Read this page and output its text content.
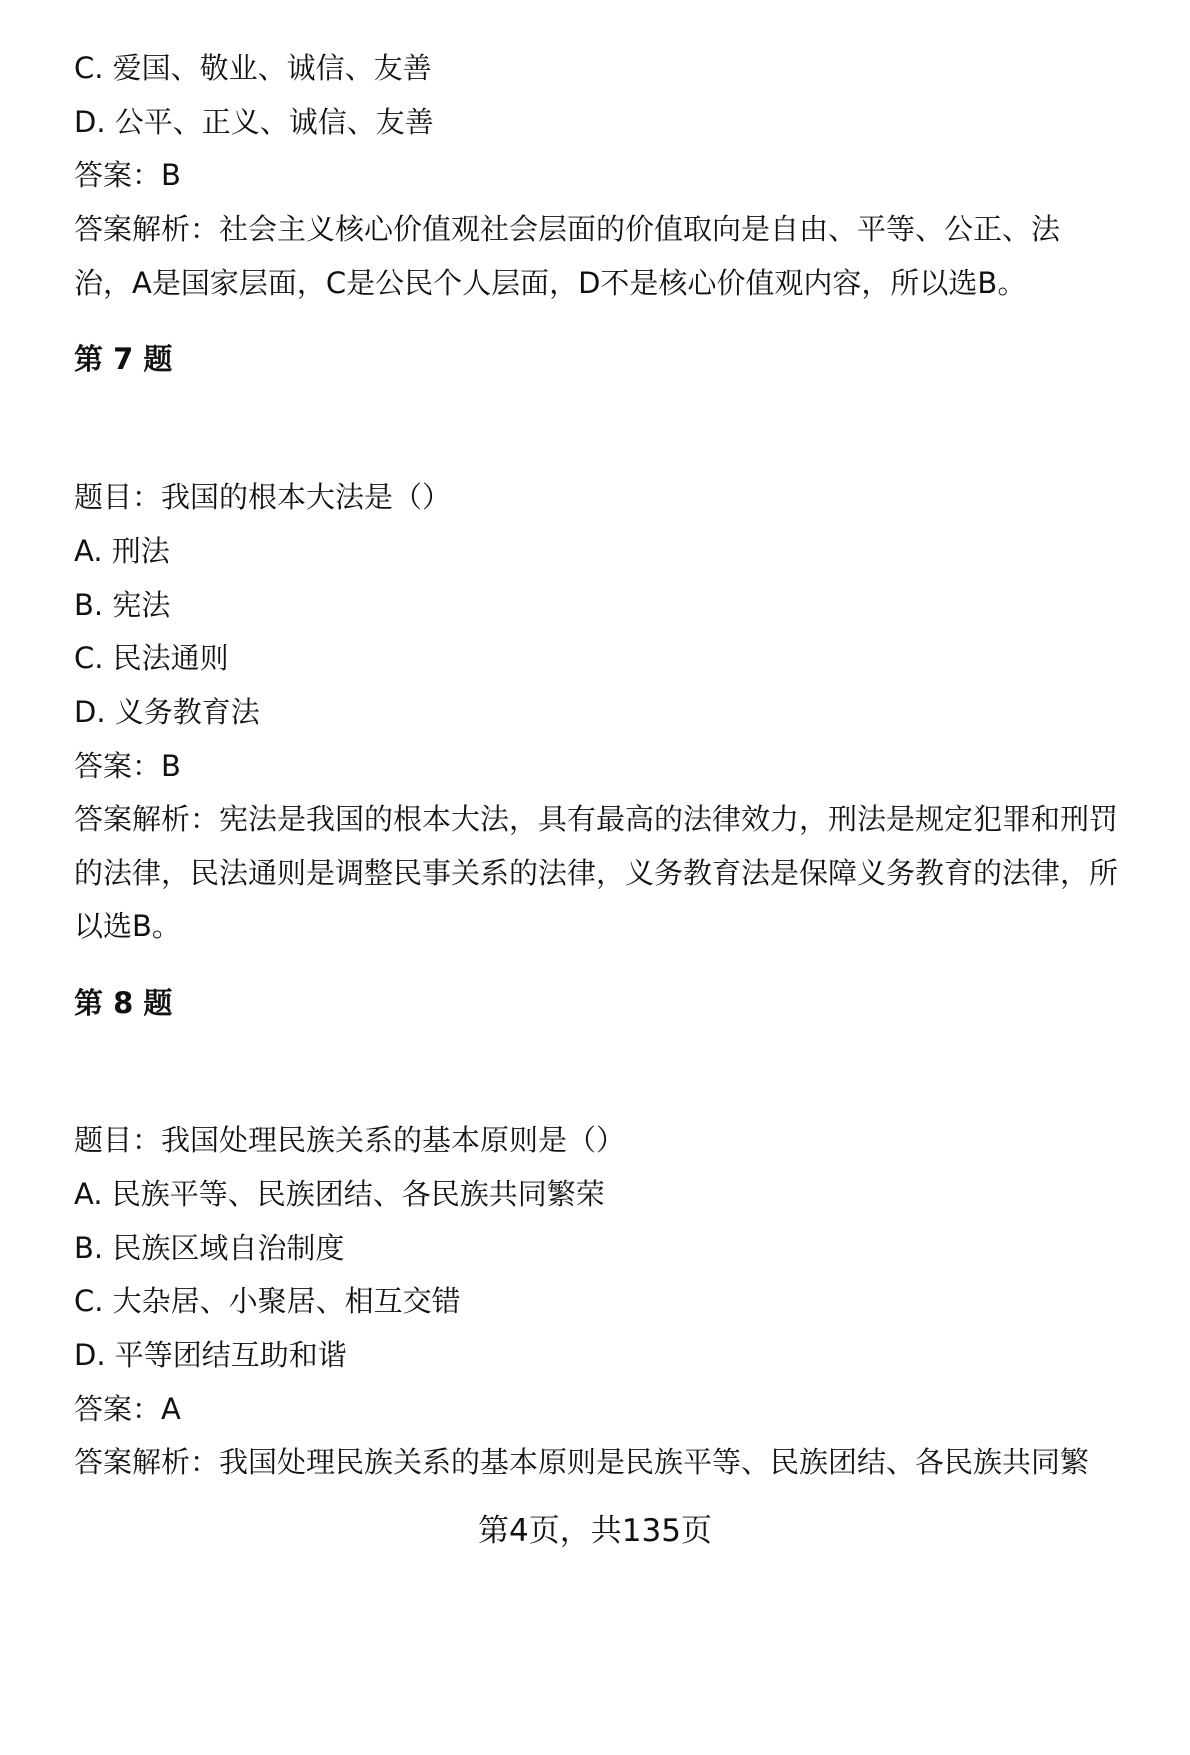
C. 爱国、敬业、诚信、友善
D. 公平、正义、诚信、友善
答案：B
答案解析：社会主义核心价值观社会层面的价值取向是自由、平等、公正、法
治，A是国家层面，C是公民个人层面，D不是核心价值观内容，所以选B。
第 7 题
题目：我国的根本大法是（）
A. 刑法
B. 宪法
C. 民法通则
D. 义务教育法
答案：B
答案解析：宪法是我国的根本大法，具有最高的法律效力，刑法是规定犯罪和刑罚
的法律，民法通则是调整民事关系的法律，义务教育法是保障义务教育的法律，所
以选B。
第 8 题
题目：我国处理民族关系的基本原则是（）
A. 民族平等、民族团结、各民族共同繁荣
B. 民族区域自治制度
C. 大杂居、小聚居、相互交错
D. 平等团结互助和谐
答案：A
答案解析：我国处理民族关系的基本原则是民族平等、民族团结、各民族共同繁
第4页，共135页
